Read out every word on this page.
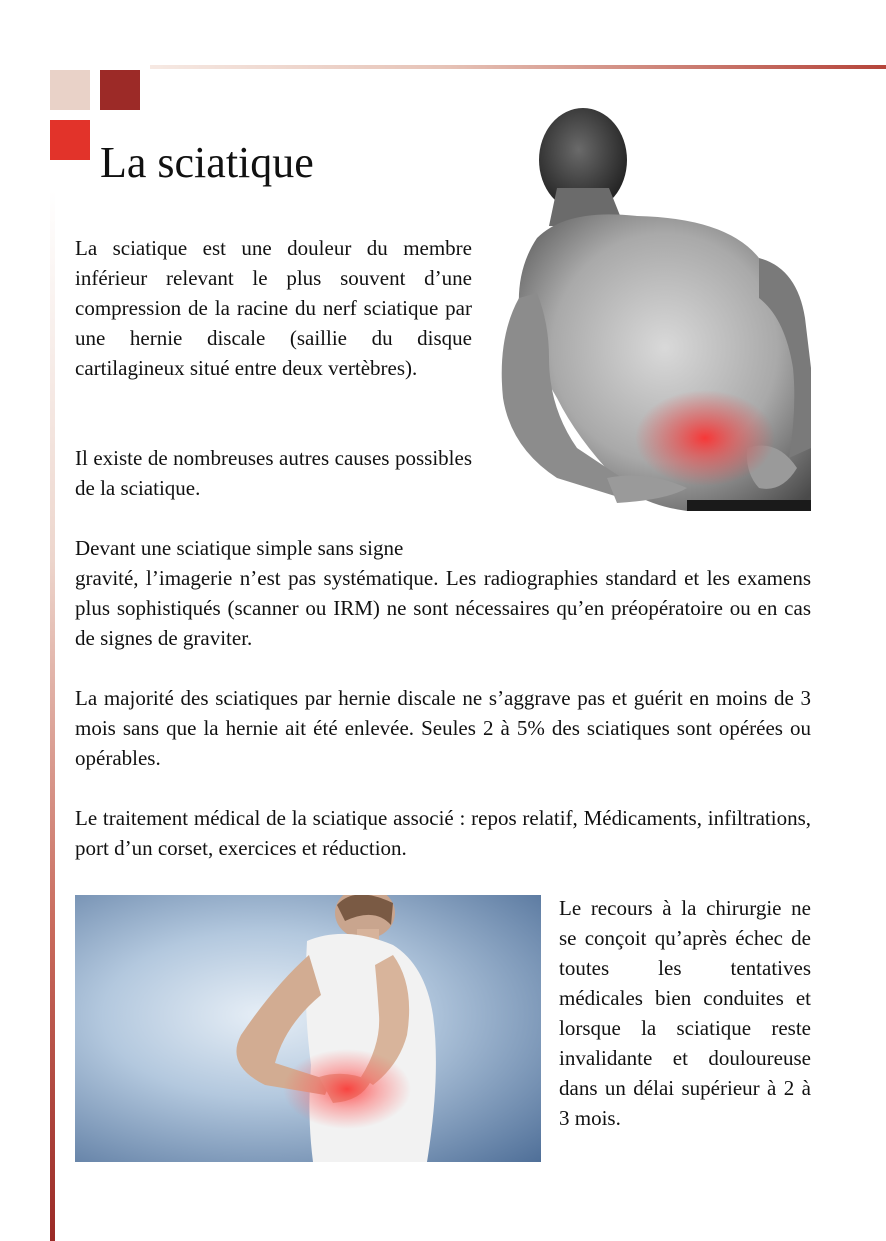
La sciatique

La sciatique est une douleur du membre inférieur relevant le plus souvent d’une compression de la racine du nerf sciatique par une hernie discale (saillie du disque cartilagineux situé entre deux vertèbres).

Il existe de nombreuses autres causes possibles de la sciatique.

Devant une sciatique simple sans signe

gravité, l’imagerie n’est pas systématique. Les radiographies standard et les examens plus sophistiqués (scanner ou IRM) ne sont nécessaires qu’en préopératoire ou en cas de signes de graviter.

La majorité des sciatiques par hernie discale ne s’aggrave pas et guérit en moins de 3 mois sans que la hernie ait été enlevée. Seules 2 à 5% des sciatiques sont opérées ou opérables.

Le traitement médical de la sciatique associé : repos relatif, Médicaments, infiltrations, port d’un corset, exercices et réduction.

Le recours à la chirurgie ne se conçoit qu’après échec de toutes les tentatives médicales bien conduites et lorsque la sciatique reste invalidante et douloureuse dans un délai supérieur à 2 à 3 mois.
